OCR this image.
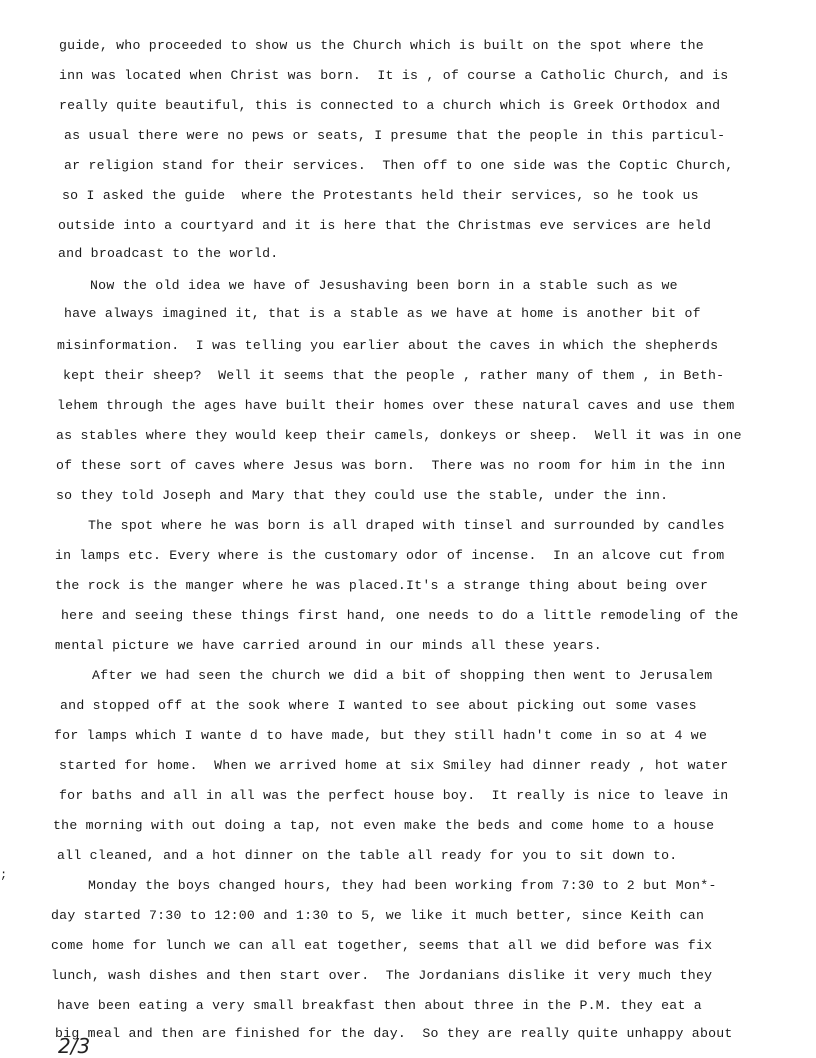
guide, who proceeded to show us the Church which is built on the spot where the
inn was located when Christ was born.  It is , of course a Catholic Church, and is
really quite beautiful, this is connected to a church which is Greek Orthodox and
as usual there were no pews or seats, I presume that the people in this particul-
ar religion stand for their services.  Then off to one side was the Coptic Church,
so I asked the guide  where the Protestants held their services, so he took us
outside into a courtyard and it is here that the Christmas eve services are held
and broadcast to the world.
Now the old idea we have of Jesushaving been born in a stable such as we
have always imagined it, that is a stable as we have at home is another bit of
misinformation.  I was telling you earlier about the caves in which the shepherds
kept their sheep?  Well it seems that the people , rather many of them , in Beth-
lehem through the ages have built their homes over these natural caves and use them
as stables where they would keep their camels, donkeys or sheep.  Well it was in one
of these sort of caves where Jesus was born.  There was no room for him in the inn
so they told Joseph and Mary that they could use the stable, under the inn.
The spot where he was born is all draped with tinsel and surrounded by candles
in lamps etc. Every where is the customary odor of incense.  In an alcove cut from
the rock is the manger where he was placed.It's a strange thing about being over
here and seeing these things first hand, one needs to do a little remodeling of the
mental picture we have carried around in our minds all these years.
After we had seen the church we did a bit of shopping then went to Jerusalem
and stopped off at the sook where I wanted to see about picking out some vases
for lamps which I wante d to have made, but they still hadn't come in so at 4 we
started for home.  When we arrived home at six Smiley had dinner ready , hot water
for baths and all in all was the perfect house boy.  It really is nice to leave in
the morning with out doing a tap, not even make the beds and come home to a house
all cleaned, and a hot dinner on the table all ready for you to sit down to.
Monday the boys changed hours, they had been working from 7:30 to 2 but Mon*-
day started 7:30 to 12:00 and 1:30 to 5, we like it much better, since Keith can
come home for lunch we can all eat together, seems that all we did before was fix
lunch, wash dishes and then start over.  The Jordanians dislike it very much they
have been eating a very small breakfast then about three in the P.M. they eat a
big meal and then are finished for the day.  So they are really quite unhappy about
;
2/3
